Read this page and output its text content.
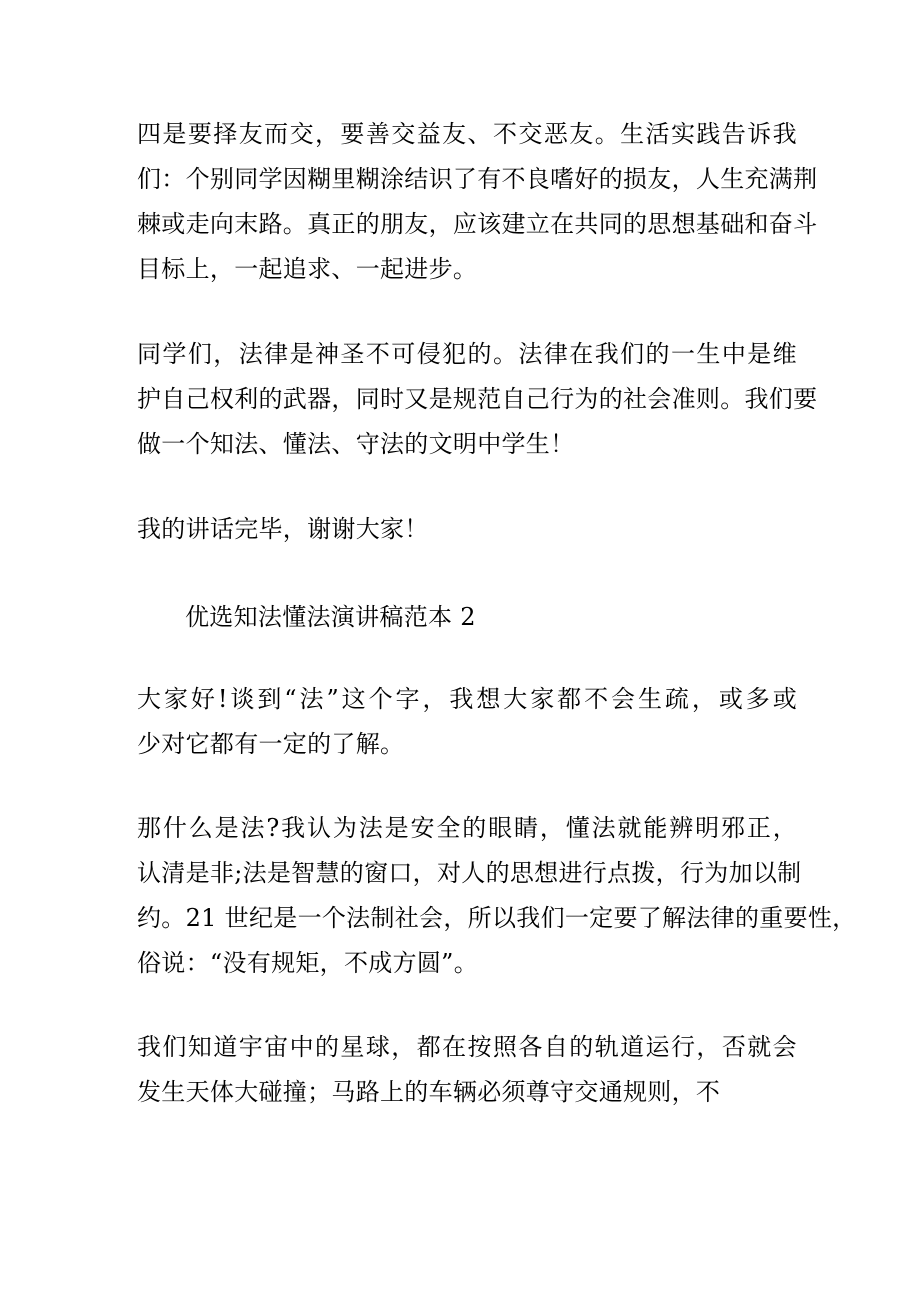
四是要择友而交，要善交益友、不交恶友。生活实践告诉我
们：个别同学因糊里糊涂结识了有不良嗜好的损友，人生充满荆
棘或走向末路。真正的朋友，应该建立在共同的思想基础和奋斗
目标上，一起追求、一起进步。
同学们，法律是神圣不可侵犯的。法律在我们的一生中是维
护自己权利的武器，同时又是规范自己行为的社会准则。我们要
做一个知法、懂法、守法的文明中学生！
我的讲话完毕，谢谢大家！

优选知法懂法演讲稿范本 2

大家好!谈到“法”这个字，我想大家都不会生疏，或多或
少对它都有一定的了解。
那什么是法?我认为法是安全的眼睛，懂法就能辨明邪正，
认清是非;法是智慧的窗口，对人的思想进行点拨，行为加以制
约。21 世纪是一个法制社会，所以我们一定要了解法律的重要性，
俗说：“没有规矩，不成方圆”。
我们知道宇宙中的星球，都在按照各自的轨道运行，否就会
发生天体大碰撞；马路上的车辆必须尊守交通规则，不
